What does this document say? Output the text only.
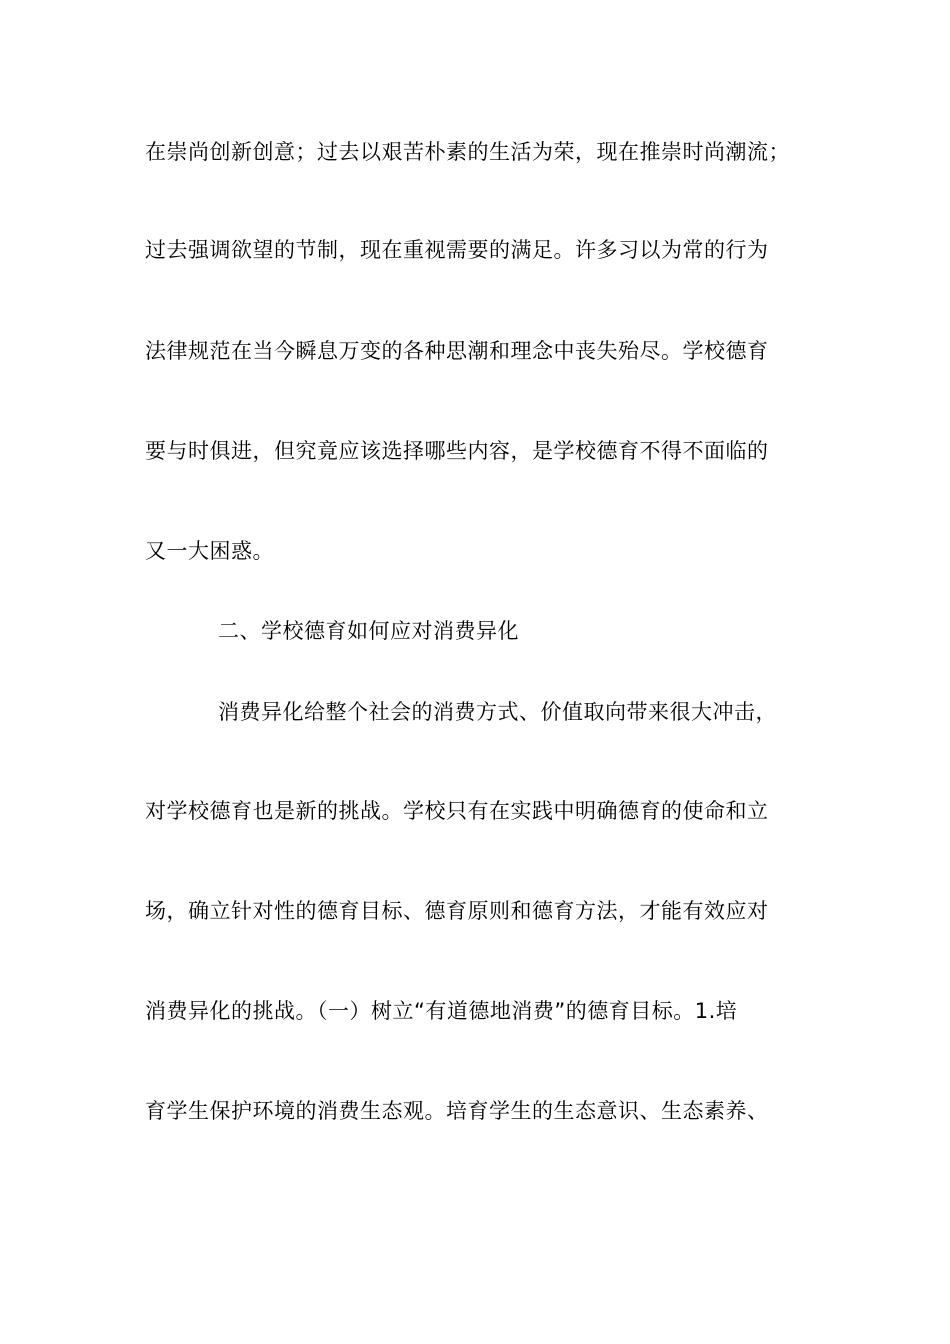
在崇尚创新创意；过去以艰苦朴素的生活为荣，现在推崇时尚潮流；
过去强调欲望的节制，现在重视需要的满足。许多习以为常的行为
法律规范在当今瞬息万变的各种思潮和理念中丧失殆尽。学校德育
要与时俱进，但究竟应该选择哪些内容，是学校德育不得不面临的
又一大困惑。
二、学校德育如何应对消费异化
消费异化给整个社会的消费方式、价值取向带来很大冲击，
对学校德育也是新的挑战。学校只有在实践中明确德育的使命和立
场，确立针对性的德育目标、德育原则和德育方法，才能有效应对
消费异化的挑战。（一）树立“有道德地消费”的德育目标。1.培
育学生保护环境的消费生态观。培育学生的生态意识、生态素养、
